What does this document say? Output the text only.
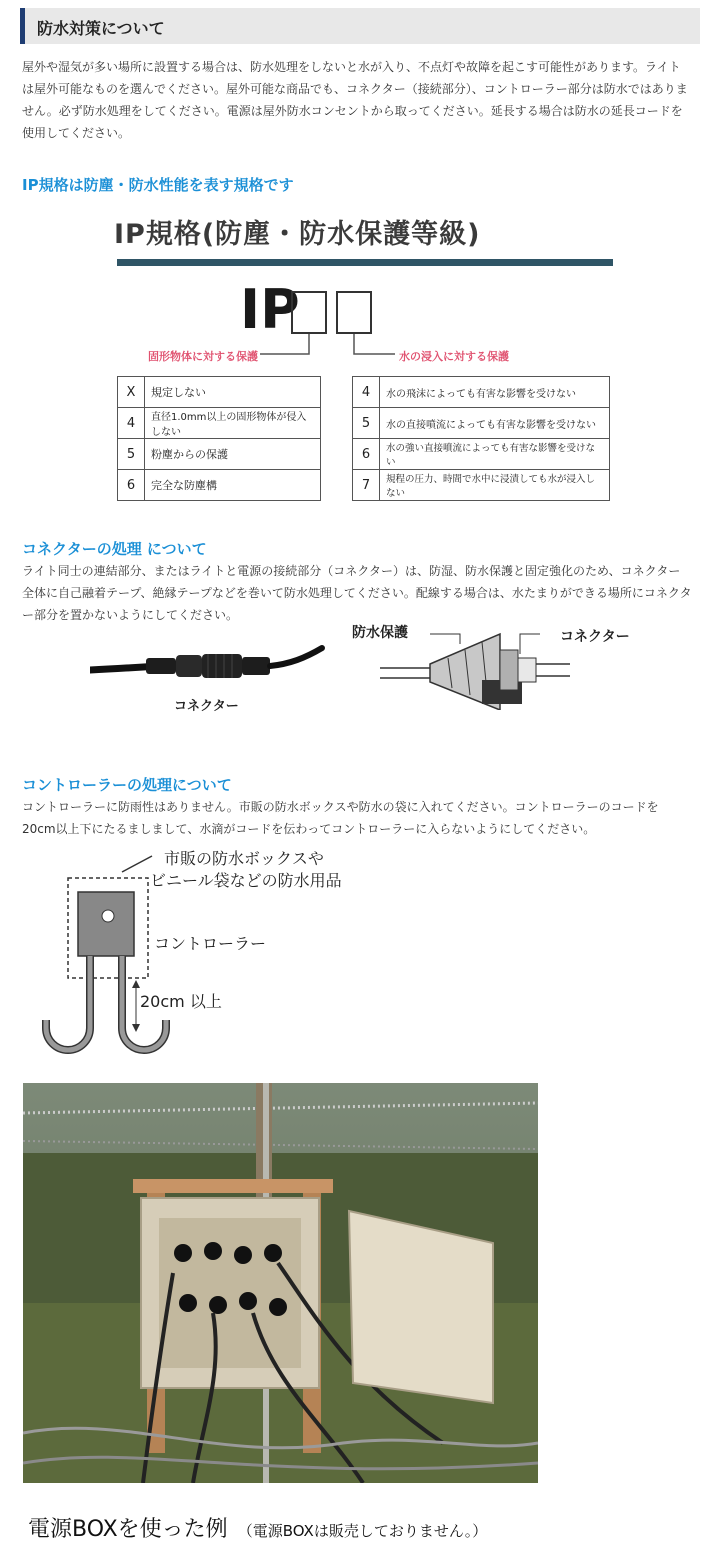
防水対策について

屋外や湿気が多い場所に設置する場合は、防水処理をしないと水が入り、不点灯や故障を起こす可能性があります。ライトは屋外可能なものを選んでください。屋外可能な商品でも、コネクター（接続部分）、コントローラー部分は防水ではありません。必ず防水処理をしてください。電源は屋外防水コンセントから取ってください。延長する場合は防水の延長コードを使用してください。

IP規格は防塵・防水性能を表す規格です
IP規格(防塵・防水保護等級)
IP
固形物体に対する保護	水の浸入に対する保護
X	規定しない
4	直径1.0mm以上の固形物体が侵入しない
5	粉塵からの保護
6	完全な防塵構
4	水の飛沫によっても有害な影響を受けない
5	水の直接噴流によっても有害な影響を受けない
6	水の強い直接噴流によっても有害な影響を受けない
7	規程の圧力、時間で水中に浸漬しても水が浸入しない
コネクターの処理 について

ライト同士の連結部分、またはライトと電源の接続部分（コネクター）は、防湿、防水保護と固定強化のため、コネクター全体に自己融着テープ、絶縁テープなどを巻いて防水処理してください。配線する場合は、水たまりができる場所にコネクター部分を置かないようにしてください。

コネクター
防水保護	コネクター
コントローラーの処理について

コントローラーに防雨性はありません。市販の防水ボックスや防水の袋に入れてください。コントローラーのコードを20cm以上下にたるましまして、水滴がコードを伝わってコントローラーに入らないようにしてください。

市販の防水ボックスや
ビニール袋などの防水用品
コントローラー
20cm 以上
電源BOXを使った例 （電源BOXは販売しておりません。）
